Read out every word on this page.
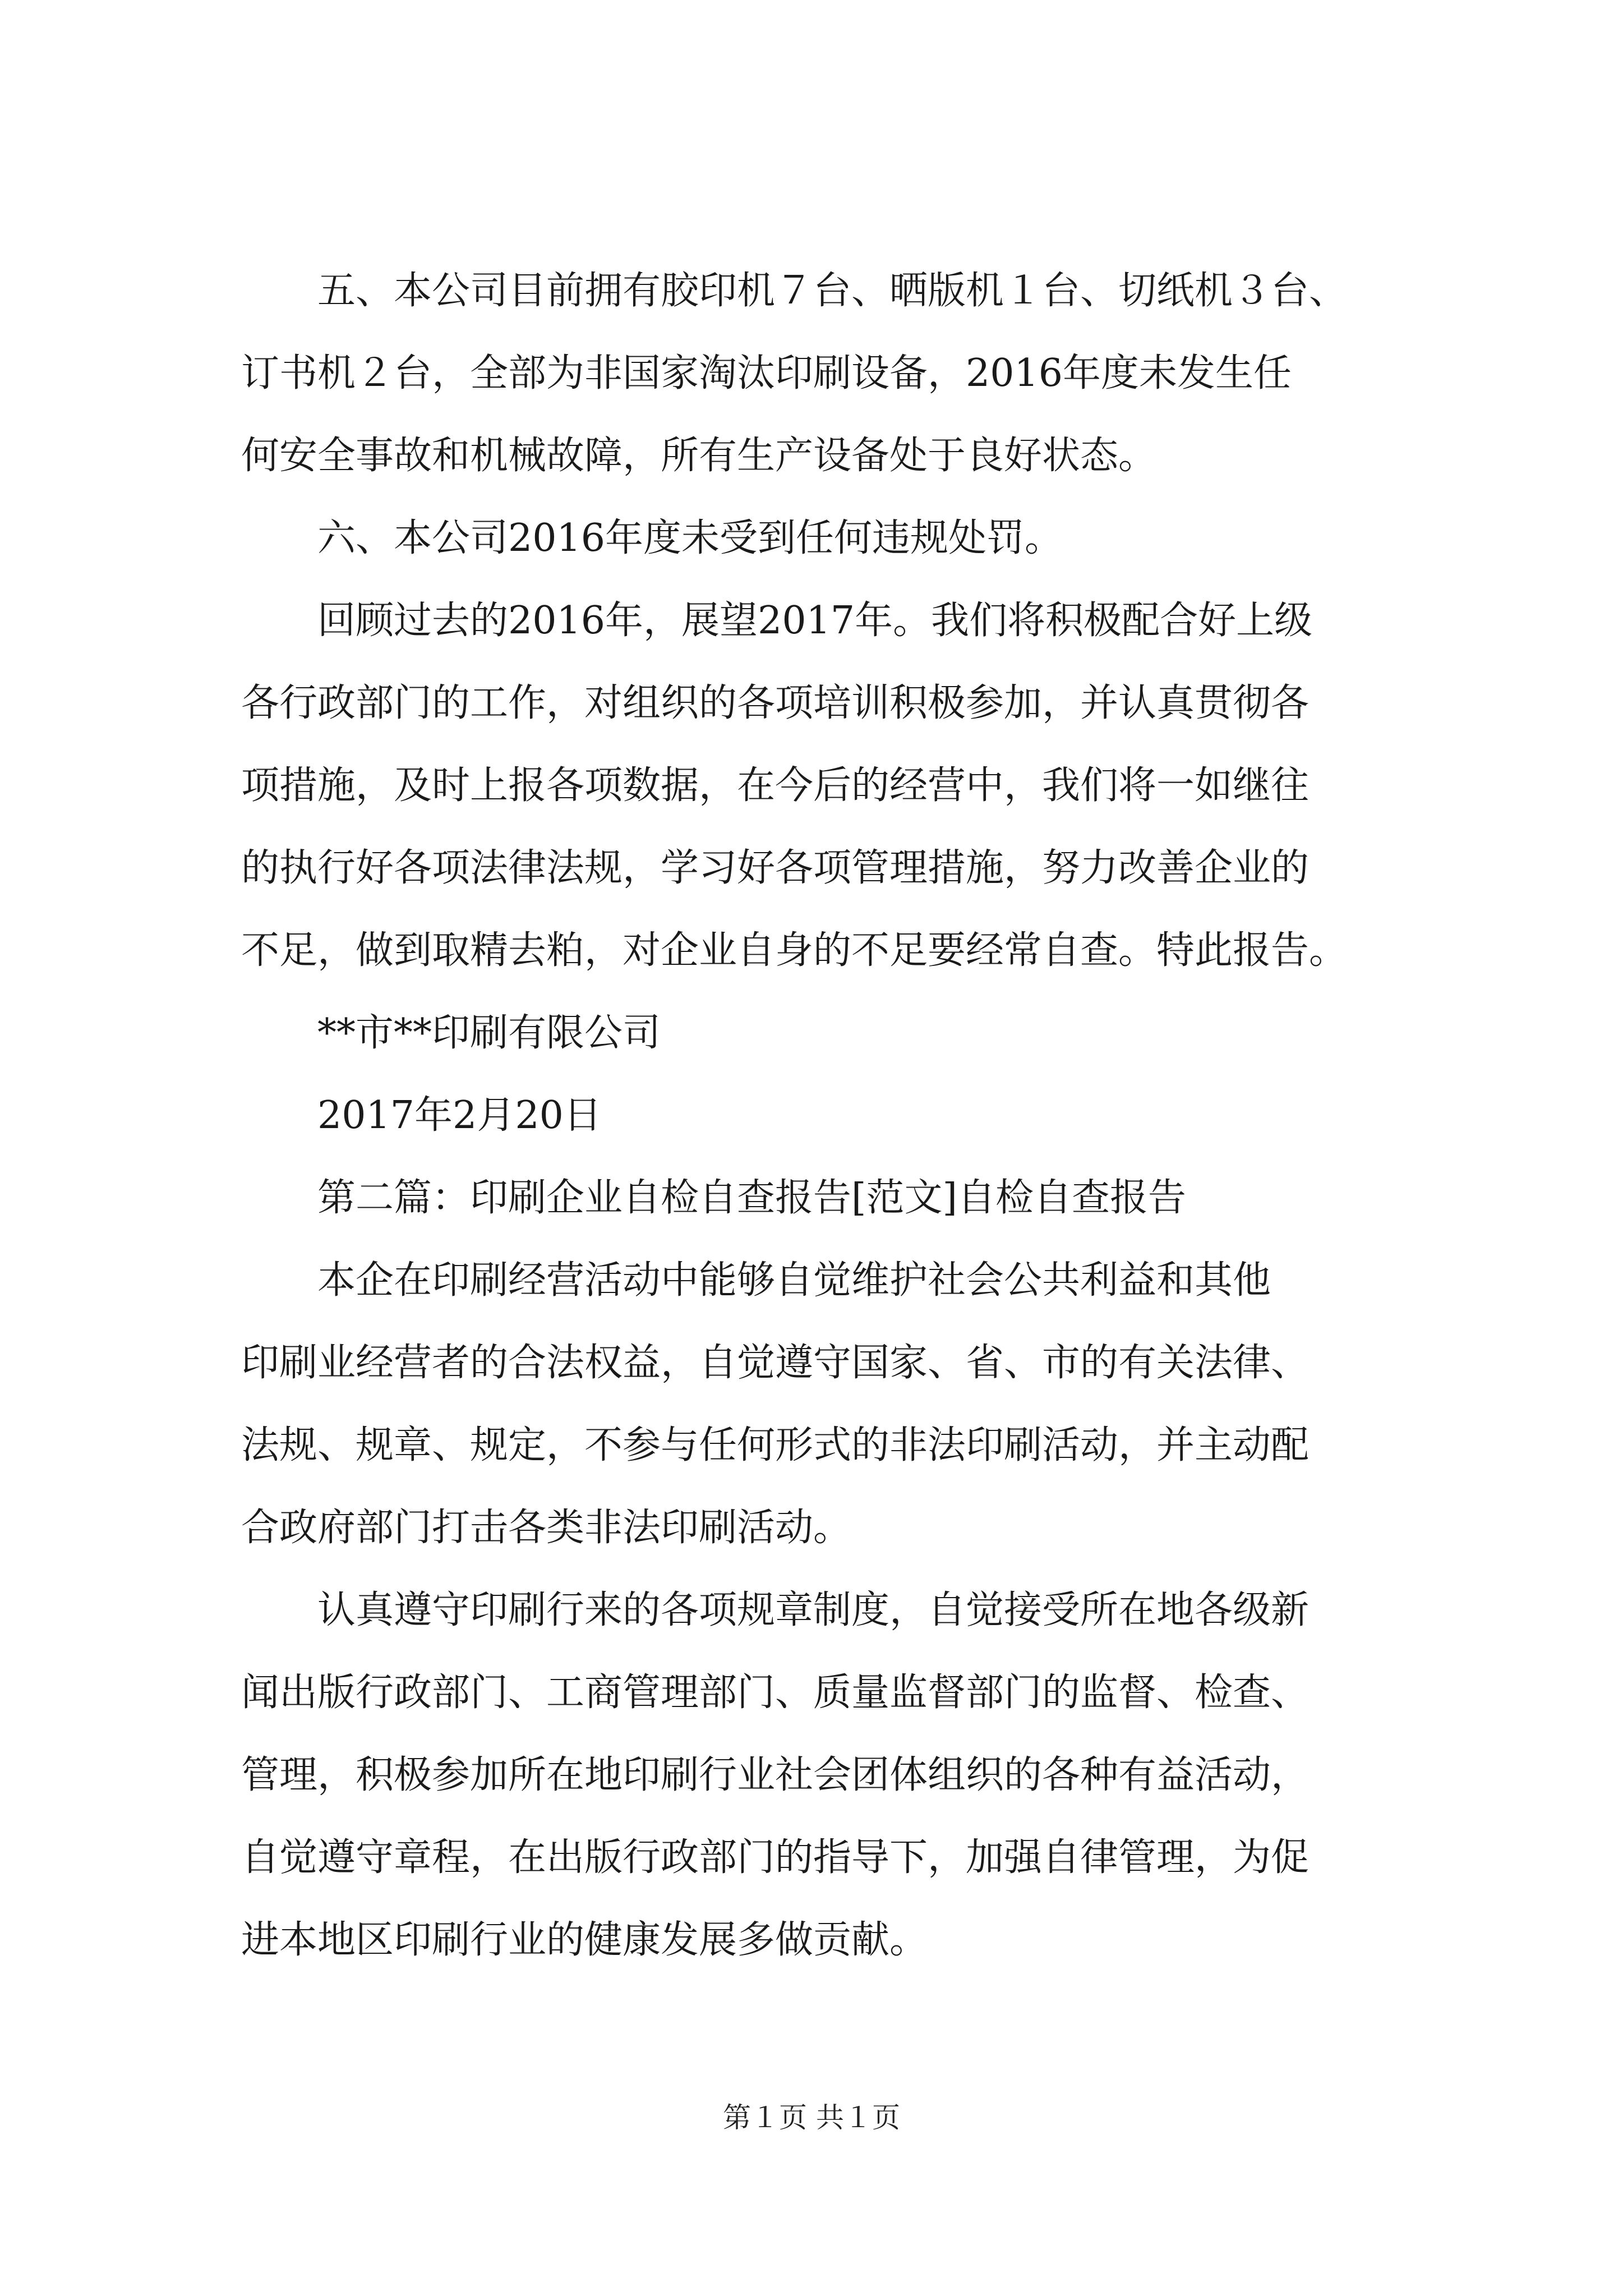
五、本公司目前拥有胶印机７台、晒版机１台、切纸机３台、
订书机２台，全部为非国家淘汰印刷设备，2016年度未发生任
何安全事故和机械故障，所有生产设备处于良好状态。

六、本公司2016年度未受到任何违规处罚。

回顾过去的2016年，展望2017年。我们将积极配合好上级
各行政部门的工作，对组织的各项培训积极参加，并认真贯彻各
项措施，及时上报各项数据，在今后的经营中，我们将一如继往
的执行好各项法律法规，学习好各项管理措施，努力改善企业的
不足，做到取精去粕，对企业自身的不足要经常自查。特此报告。

**市**印刷有限公司

2017年2月20日

第二篇：印刷企业自检自查报告[范文]自检自查报告

本企在印刷经营活动中能够自觉维护社会公共利益和其他
印刷业经营者的合法权益，自觉遵守国家、省、市的有关法律、
法规、规章、规定，不参与任何形式的非法印刷活动，并主动配
合政府部门打击各类非法印刷活动。

认真遵守印刷行来的各项规章制度，自觉接受所在地各级新
闻出版行政部门、工商管理部门、质量监督部门的监督、检查、
管理，积极参加所在地印刷行业社会团体组织的各种有益活动，
自觉遵守章程，在出版行政部门的指导下，加强自律管理，为促
进本地区印刷行业的健康发展多做贡献。

第１页 共１页
